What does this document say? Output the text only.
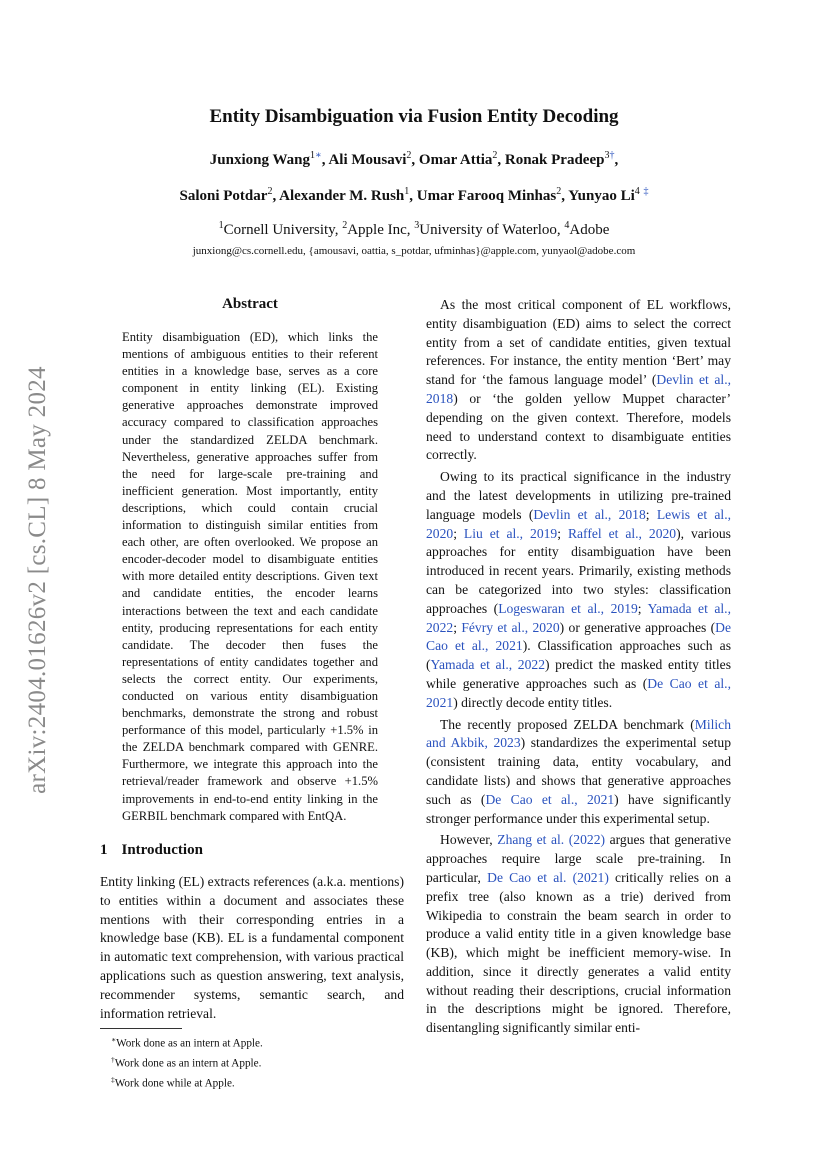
arXiv:2404.01626v2 [cs.CL] 8 May 2024
Entity Disambiguation via Fusion Entity Decoding
Junxiong Wang$^{1∗}$, Ali Mousavi$^2$, Omar Attia$^2$, Ronak Pradeep$^{3\dagger}$,
Saloni Potdar$^2$, Alexander M. Rush$^1$, Umar Farooq Minhas$^2$, Yunyao Li$^4$ ‡
$^1$Cornell University, $^2$Apple Inc, $^3$University of Waterloo, $^4$Adobe
junxiong@cs.cornell.edu, {amousavi, oattia, s_potdar, ufminhas}@apple.com, yunyaol@adobe.com
Abstract
Entity disambiguation (ED), which links the mentions of ambiguous entities to their referent entities in a knowledge base, serves as a core component in entity linking (EL). Existing generative approaches demonstrate improved accuracy compared to classification approaches under the standardized ZELDA benchmark. Nevertheless, generative approaches suffer from the need for large-scale pre-training and inefficient generation. Most importantly, entity descriptions, which could contain crucial information to distinguish similar entities from each other, are often overlooked. We propose an encoder-decoder model to disambiguate entities with more detailed entity descriptions. Given text and candidate entities, the encoder learns interactions between the text and each candidate entity, producing representations for each entity candidate. The decoder then fuses the representations of entity candidates together and selects the correct entity. Our experiments, conducted on various entity disambiguation benchmarks, demonstrate the strong and robust performance of this model, particularly +1.5% in the ZELDA benchmark compared with GENRE. Furthermore, we integrate this approach into the retrieval/reader framework and observe +1.5% improvements in end-to-end entity linking in the GERBIL benchmark compared with EntQA.
1 Introduction

Entity linking (EL) extracts references (a.k.a. mentions) to entities within a document and associates these mentions with their corresponding entries in a knowledge base (KB). EL is a fundamental component in automatic text comprehension, with various practical applications such as question answering, text analysis, recommender systems, semantic search, and information retrieval.

∗Work done as an intern at Apple.
†Work done as an intern at Apple.
‡Work done while at Apple.

As the most critical component of EL workflows, entity disambiguation (ED) aims to select the correct entity from a set of candidate entities, given textual references. For instance, the entity mention ‘Bert’ may stand for ‘the famous language model’ (Devlin et al., 2018) or ‘the golden yellow Muppet character’ depending on the given context. Therefore, models need to understand context to disambiguate entities correctly.

Owing to its practical significance in the industry and the latest developments in utilizing pre-trained language models (Devlin et al., 2018; Lewis et al., 2020; Liu et al., 2019; Raffel et al., 2020), various approaches for entity disambiguation have been introduced in recent years. Primarily, existing methods can be categorized into two styles: classification approaches (Logeswaran et al., 2019; Yamada et al., 2022; Févry et al., 2020) or generative approaches (De Cao et al., 2021). Classification approaches such as (Yamada et al., 2022) predict the masked entity titles while generative approaches such as (De Cao et al., 2021) directly decode entity titles.

The recently proposed ZELDA benchmark (Milich and Akbik, 2023) standardizes the experimental setup (consistent training data, entity vocabulary, and candidate lists) and shows that generative approaches such as (De Cao et al., 2021) have significantly stronger performance under this experimental setup.

However, Zhang et al. (2022) argues that generative approaches require large scale pre-training. In particular, De Cao et al. (2021) critically relies on a prefix tree (also known as a trie) derived from Wikipedia to constrain the beam search in order to produce a valid entity title in a given knowledge base (KB), which might be inefficient memory-wise. In addition, since it directly generates a valid entity without reading their descriptions, crucial information in the descriptions might be ignored. Therefore, disentangling significantly similar enti-
